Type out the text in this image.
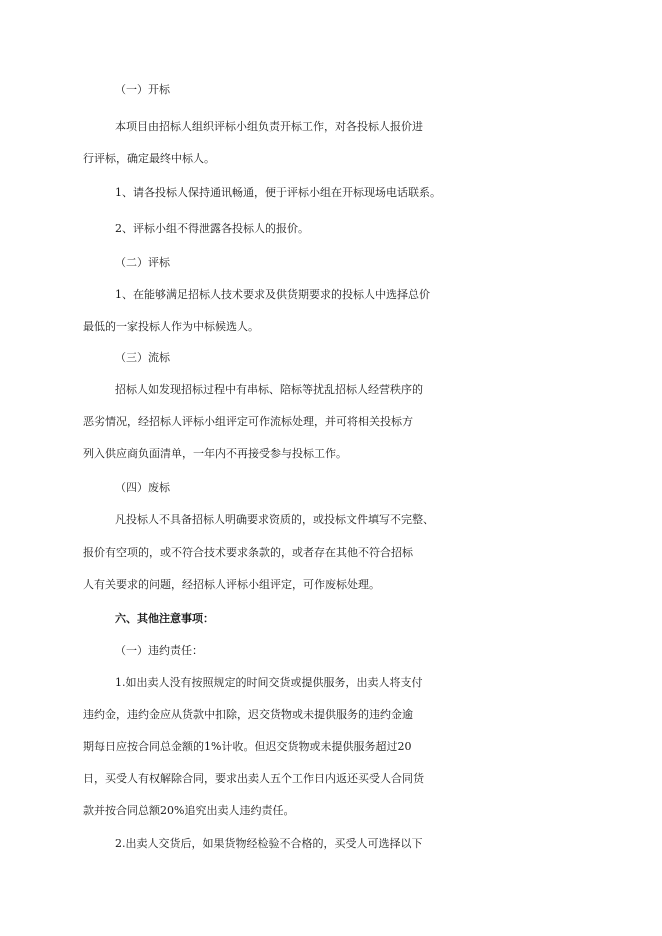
（一）开标
本项目由招标人组织评标小组负责开标工作，对各投标人报价进
行评标，确定最终中标人。
1、请各投标人保持通讯畅通，便于评标小组在开标现场电话联系。
2、评标小组不得泄露各投标人的报价。
（二）评标
1、在能够满足招标人技术要求及供货期要求的投标人中选择总价
最低的一家投标人作为中标候选人。
（三）流标
招标人如发现招标过程中有串标、陪标等扰乱招标人经营秩序的
恶劣情况，经招标人评标小组评定可作流标处理，并可将相关投标方
列入供应商负面清单，一年内不再接受参与投标工作。
（四）废标
凡投标人不具备招标人明确要求资质的，或投标文件填写不完整、
报价有空项的，或不符合技术要求条款的，或者存在其他不符合招标
人有关要求的问题，经招标人评标小组评定，可作废标处理。
六、其他注意事项：
（一）违约责任：
1.如出卖人没有按照规定的时间交货或提供服务，出卖人将支付
违约金，违约金应从货款中扣除，迟交货物或未提供服务的违约金逾
期每日应按合同总金额的1%计收。但迟交货物或未提供服务超过20
日，买受人有权解除合同，要求出卖人五个工作日内返还买受人合同货
款并按合同总额20%追究出卖人违约责任。
2.出卖人交货后，如果货物经检验不合格的，买受人可选择以下
